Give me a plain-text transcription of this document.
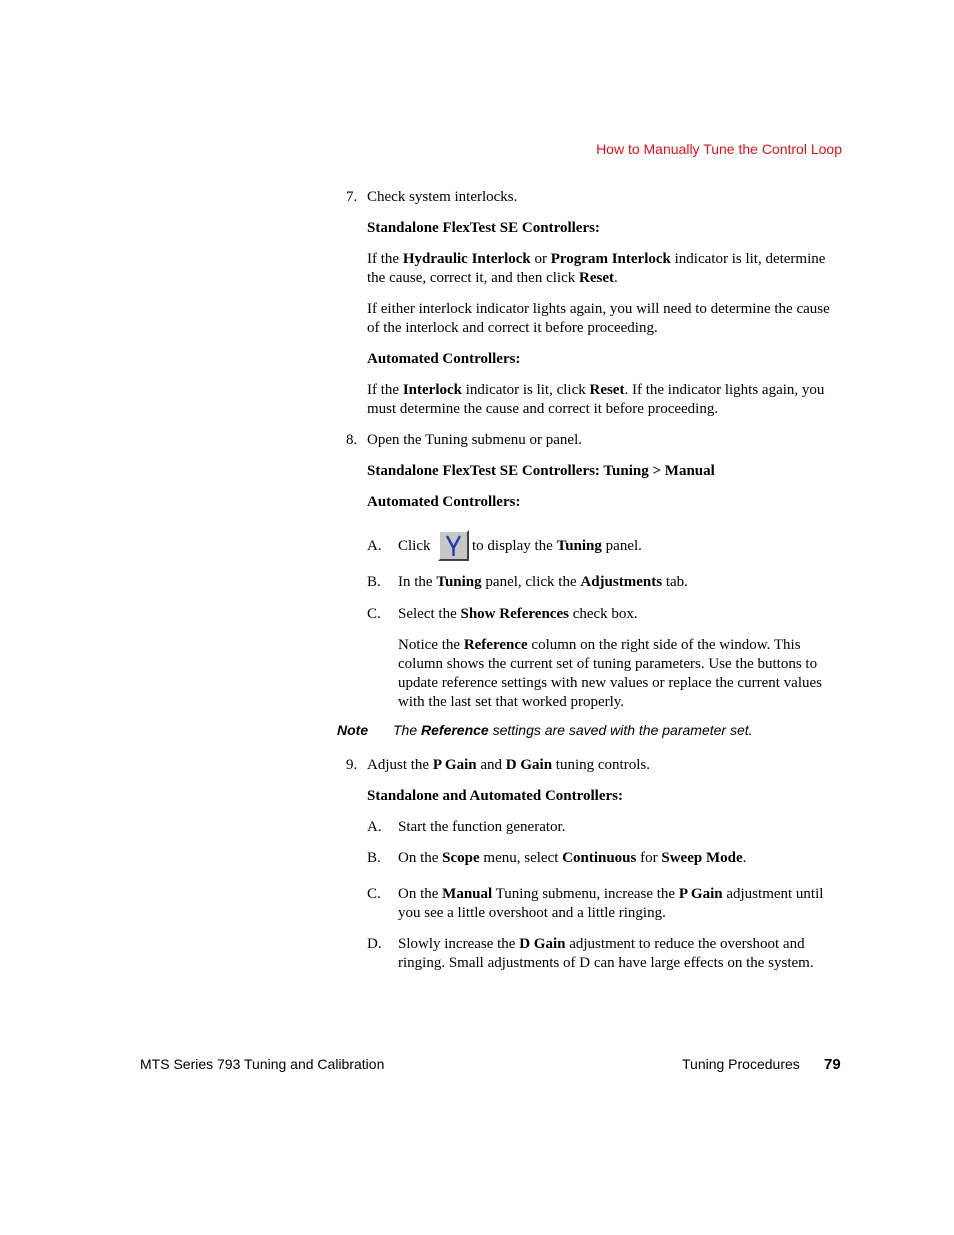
How to Manually Tune the Control Loop
7. Check system interlocks.
Standalone FlexTest SE Controllers:
If the Hydraulic Interlock or Program Interlock indicator is lit, determine the cause, correct it, and then click Reset.
If either interlock indicator lights again, you will need to determine the cause of the interlock and correct it before proceeding.
Automated Controllers:
If the Interlock indicator is lit, click Reset. If the indicator lights again, you must determine the cause and correct it before proceeding.
8. Open the Tuning submenu or panel.
Standalone FlexTest SE Controllers: Tuning > Manual
Automated Controllers:
A. Click	to display the Tuning panel.
B. In the Tuning panel, click the Adjustments tab.
C. Select the Show References check box.
Notice the Reference column on the right side of the window. This column shows the current set of tuning parameters. Use the buttons to update reference settings with new values or replace the current values with the last set that worked properly.
Note The Reference settings are saved with the parameter set.
9. Adjust the P Gain and D Gain tuning controls.
Standalone and Automated Controllers:
A. Start the function generator.
B. On the Scope menu, select Continuous for Sweep Mode.
C. On the Manual Tuning submenu, increase the P Gain adjustment until you see a little overshoot and a little ringing.
D. Slowly increase the D Gain adjustment to reduce the overshoot and ringing. Small adjustments of D can have large effects on the system.
MTS Series 793 Tuning and Calibration	Tuning Procedures 79
